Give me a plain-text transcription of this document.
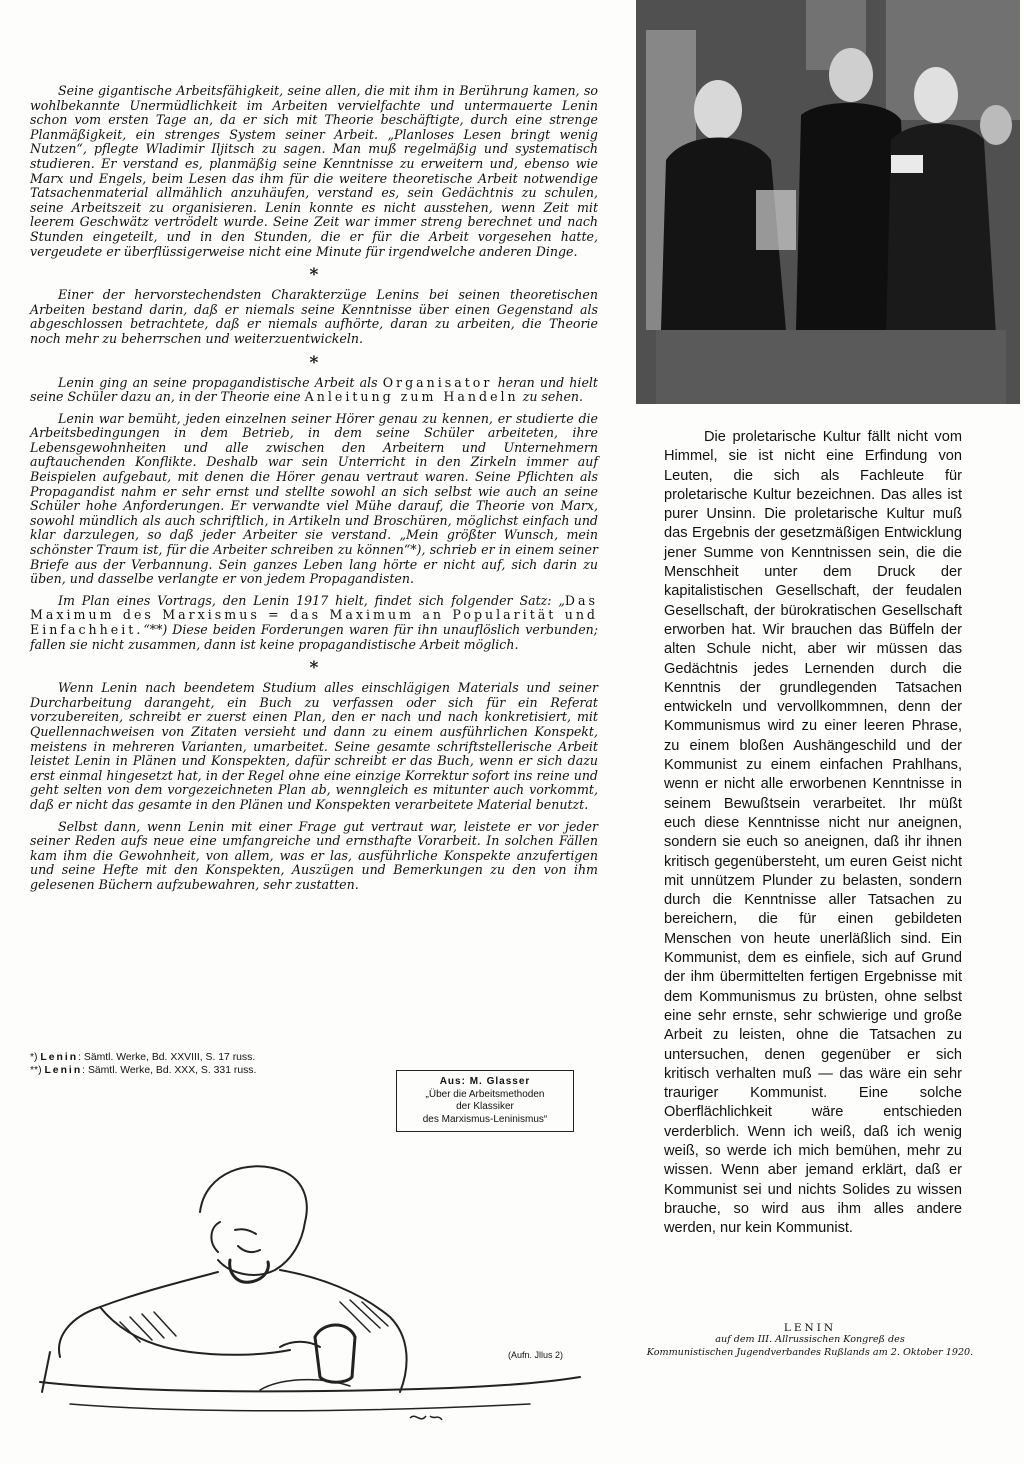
Seine gigantische Arbeitsfähigkeit, seine allen, die mit ihm in Berührung kamen, so wohlbekannte Unermüdlichkeit im Arbeiten vervielfachte und untermauerte Lenin schon vom ersten Tage an, da er sich mit Theorie beschäftigte, durch eine strenge Planmäßigkeit, ein strenges System seiner Arbeit. „Planloses Lesen bringt wenig Nutzen“, pflegte Wladimir Iljitsch zu sagen. Man muß regelmäßig und systematisch studieren. Er verstand es, planmäßig seine Kenntnisse zu erweitern und, ebenso wie Marx und Engels, beim Lesen das ihm für die weitere theoretische Arbeit notwendige Tatsachenmaterial allmählich anzuhäufen, verstand es, sein Gedächtnis zu schulen, seine Arbeitszeit zu organisieren. Lenin konnte es nicht ausstehen, wenn Zeit mit leerem Geschwätz vertrödelt wurde. Seine Zeit war immer streng berechnet und nach Stunden eingeteilt, und in den Stunden, die er für die Arbeit vorgesehen hatte, vergeudete er überflüssigerweise nicht eine Minute für irgendwelche anderen Dinge.

*

Einer der hervorstechendsten Charakterzüge Lenins bei seinen theoretischen Arbeiten bestand darin, daß er niemals seine Kenntnisse über einen Gegenstand als abgeschlossen betrachtete, daß er niemals aufhörte, daran zu arbeiten, die Theorie noch mehr zu beherrschen und weiterzuentwickeln.

*

Lenin ging an seine propagandistische Arbeit als Organisator heran und hielt seine Schüler dazu an, in der Theorie eine Anleitung zum Handeln zu sehen.

Lenin war bemüht, jeden einzelnen seiner Hörer genau zu kennen, er studierte die Arbeitsbedingungen in dem Betrieb, in dem seine Schüler arbeiteten, ihre Lebensgewohnheiten und alle zwischen den Arbeitern und Unternehmern auftauchenden Konflikte. Deshalb war sein Unterricht in den Zirkeln immer auf Beispielen aufgebaut, mit denen die Hörer genau vertraut waren. Seine Pflichten als Propagandist nahm er sehr ernst und stellte sowohl an sich selbst wie auch an seine Schüler hohe Anforderungen. Er verwandte viel Mühe darauf, die Theorie von Marx, sowohl mündlich als auch schriftlich, in Artikeln und Broschüren, möglichst einfach und klar darzulegen, so daß jeder Arbeiter sie verstand. „Mein größter Wunsch, mein schönster Traum ist, für die Arbeiter schreiben zu können“*), schrieb er in einem seiner Briefe aus der Verbannung. Sein ganzes Leben lang hörte er nicht auf, sich darin zu üben, und dasselbe verlangte er von jedem Propagandisten.

Im Plan eines Vortrags, den Lenin 1917 hielt, findet sich folgender Satz: „Das Maximum des Marxismus = das Maximum an Popularität und Einfachheit.“**) Diese beiden Forderungen waren für ihn unauflöslich verbunden; fallen sie nicht zusammen, dann ist keine propagandistische Arbeit möglich.

*

Wenn Lenin nach beendetem Studium alles einschlägigen Materials und seiner Durcharbeitung darangeht, ein Buch zu verfassen oder sich für ein Referat vorzubereiten, schreibt er zuerst einen Plan, den er nach und nach konkretisiert, mit Quellennachweisen von Zitaten versieht und dann zu einem ausführlichen Konspekt, meistens in mehreren Varianten, umarbeitet. Seine gesamte schriftstellerische Arbeit leistet Lenin in Plänen und Konspekten, dafür schreibt er das Buch, wenn er sich dazu erst einmal hingesetzt hat, in der Regel ohne eine einzige Korrektur sofort ins reine und geht selten von dem vorgezeichneten Plan ab, wenngleich es mitunter auch vorkommt, daß er nicht das gesamte in den Plänen und Konspekten verarbeitete Material benutzt.

Selbst dann, wenn Lenin mit einer Frage gut vertraut war, leistete er vor jeder seiner Reden aufs neue eine umfangreiche und ernsthafte Vorarbeit. In solchen Fällen kam ihm die Gewohnheit, von allem, was er las, ausführliche Konspekte anzufertigen und seine Hefte mit den Konspekten, Auszügen und Bemerkungen zu den von ihm gelesenen Büchern aufzubewahren, sehr zustatten.

*) Lenin: Sämtl. Werke, Bd. XXVIII, S. 17 russ.
**) Lenin: Sämtl. Werke, Bd. XXX, S. 331 russ.
Aus: M. Glasser
„Über die Arbeitsmethoden
der Klassiker
des Marxismus-Leninismus“
(Aufn. Jllus 2)

Die proletarische Kultur fällt nicht vom Himmel, sie ist nicht eine Erfindung von Leuten, die sich als Fachleute für proletarische Kultur bezeichnen. Das alles ist purer Unsinn. Die proletarische Kultur muß das Ergebnis der gesetzmäßigen Entwicklung jener Summe von Kenntnissen sein, die die Menschheit unter dem Druck der kapitalistischen Gesellschaft, der feudalen Gesellschaft, der bürokratischen Gesellschaft erworben hat. Wir brauchen das Büffeln der alten Schule nicht, aber wir müssen das Gedächtnis jedes Lernenden durch die Kenntnis der grundlegenden Tatsachen entwickeln und vervollkommnen, denn der Kommunismus wird zu einer leeren Phrase, zu einem bloßen Aushängeschild und der Kommunist zu einem einfachen Prahlhans, wenn er nicht alle erworbenen Kenntnisse in seinem Bewußtsein verarbeitet. Ihr müßt euch diese Kenntnisse nicht nur aneignen, sondern sie euch so aneignen, daß ihr ihnen kritisch gegenübersteht, um euren Geist nicht mit unnützem Plunder zu belasten, sondern durch die Kenntnisse aller Tatsachen zu bereichern, die für einen gebildeten Menschen von heute unerläßlich sind. Ein Kommunist, dem es einfiele, sich auf Grund der ihm übermittelten fertigen Ergebnisse mit dem Kommunismus zu brüsten, ohne selbst eine sehr ernste, sehr schwierige und große Arbeit zu leisten, ohne die Tatsachen zu untersuchen, denen gegenüber er sich kritisch verhalten muß — das wäre ein sehr trauriger Kommunist. Eine solche Oberflächlichkeit wäre entschieden verderblich. Wenn ich weiß, daß ich wenig weiß, so werde ich mich bemühen, mehr zu wissen. Wenn aber jemand erklärt, daß er Kommunist sei und nichts Solides zu wissen brauche, so wird aus ihm alles andere werden, nur kein Kommunist.

LENIN
auf dem III. Allrussischen Kongreß des
Kommunistischen Jugendverbandes Rußlands am 2. Oktober 1920.
